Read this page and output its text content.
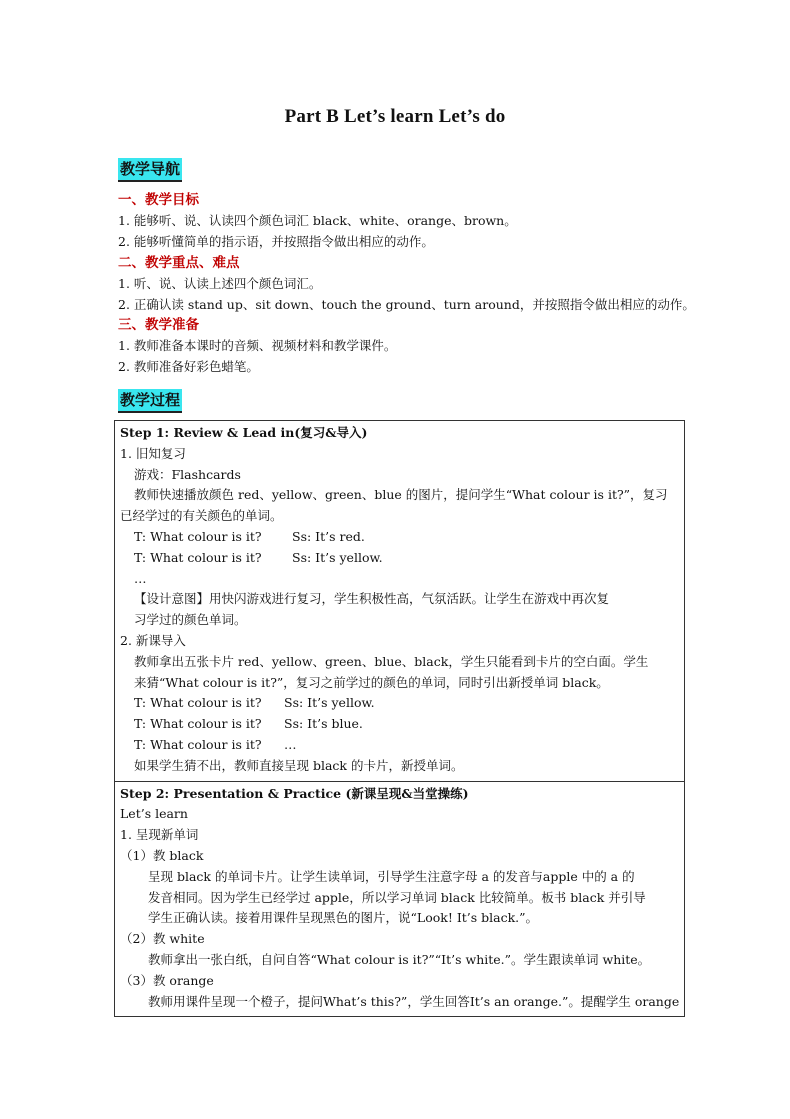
Part B Let’s learn Let’s do
教学导航
一、教学目标
1. 能够听、说、认读四个颜色词汇 black、white、orange、brown。
2. 能够听懂简单的指示语，并按照指令做出相应的动作。
二、教学重点、难点
1. 听、说、认读上述四个颜色词汇。
2. 正确认读 stand up、sit down、touch the ground、turn around，并按照指令做出相应的动作。
三、教学准备
1. 教师准备本课时的音频、视频材料和教学课件。
2. 教师准备好彩色蜡笔。
教学过程
Step 1: Review & Lead in(复习&导入)
1. 旧知复习
游戏：Flashcards
教师快速播放颜色 red、yellow、green、blue 的图片，提问学生“What colour is it?”，复习
已经学过的有关颜色的单词。
T: What colour is it? Ss: It’s red.
T: What colour is it? Ss: It’s yellow.
…
【设计意图】用快闪游戏进行复习，学生积极性高，气氛活跃。让学生在游戏中再次复
习学过的颜色单词。
2. 新课导入
教师拿出五张卡片 red、yellow、green、blue、black，学生只能看到卡片的空白面。学生
来猜“What colour is it?”，复习之前学过的颜色的单词，同时引出新授单词 black。
T: What colour is it? Ss: It’s yellow.
T: What colour is it? Ss: It’s blue.
T: What colour is it? …
如果学生猜不出，教师直接呈现 black 的卡片，新授单词。

Step 2: Presentation & Practice (新课呈现&当堂操练)
Let’s learn
1. 呈现新单词
（1）教 black
呈现 black 的单词卡片。让学生读单词，引导学生注意字母 a 的发音与apple 中的 a 的
发音相同。因为学生已经学过 apple，所以学习单词 black 比较简单。板书 black 并引导
学生正确认读。接着用课件呈现黑色的图片，说“Look! It’s black.”。
（2）教 white
教师拿出一张白纸，自问自答“What colour is it?”“It’s white.”。学生跟读单词 white。
（3）教 orange
教师用课件呈现一个橙子，提问What’s this?”，学生回答It’s an orange.”。提醒学生 orange
